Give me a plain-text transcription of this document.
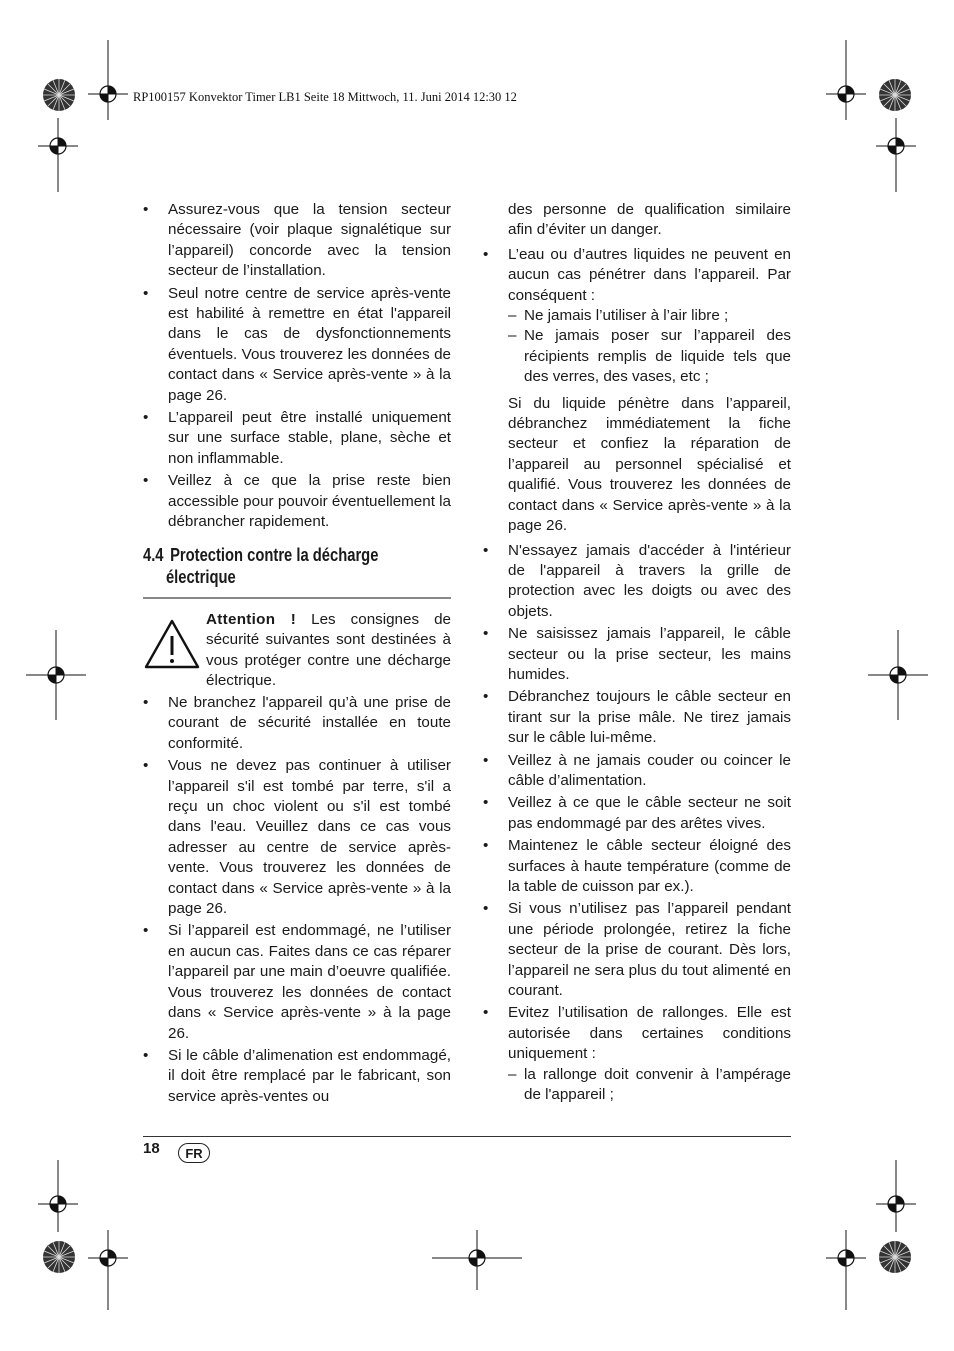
RP100157 Konvektor Timer LB1 Seite 18 Mittwoch, 11. Juni 2014 12:30 12
• Assurez-vous que la tension secteur nécessaire (voir plaque signalétique sur l’appareil) concorde avec la tension secteur de l’installation.
• Seul notre centre de service après-vente est habilité à remettre en état l'appareil dans le cas de dysfonctionnements éventuels. Vous trouverez les données de contact dans « Service après-vente » à la page 26.
• L’appareil peut être installé uniquement sur une surface stable, plane, sèche et non inflammable.
• Veillez à ce que la prise reste bien accessible pour pouvoir éventuellement la débrancher rapidement.
4.4 Protection contre la décharge
électrique
Attention ! Les consignes de sécurité suivantes sont destinées à vous protéger contre une décharge électrique.
• Ne branchez l'appareil qu’à une prise de courant de sécurité installée en toute conformité.
• Vous ne devez pas continuer à utiliser l’appareil s'il est tombé par terre, s'il a reçu un choc violent ou s'il est tombé dans l'eau. Veuillez dans ce cas vous adresser au centre de service après-vente. Vous trouverez les données de contact dans « Service après-vente » à la page 26.
• Si l’appareil est endommagé, ne l’utiliser en aucun cas. Faites dans ce cas réparer l’appareil par une main d’oeuvre qualifiée. Vous trouverez les données de contact dans « Service après-vente » à la page 26.
• Si le câble d’alimenation est endommagé, il doit être remplacé par le fabricant, son service après-ventes ou

des personne de qualification similaire afin d’éviter un danger.

• L’eau ou d’autres liquides ne peuvent en aucun cas pénétrer dans l’appareil. Par conséquent :
– Ne jamais l’utiliser à l’air libre ;
– Ne jamais poser sur l’appareil des récipients remplis de liquide tels que des verres, des vases, etc ;

Si du liquide pénètre dans l’appareil, débranchez immédiatement la fiche secteur et confiez la réparation de l’appareil au personnel spécialisé et qualifié. Vous trouverez les données de contact dans « Service après-vente » à la page 26.

• N'essayez jamais d'accéder à l'intérieur de l'appareil à travers la grille de protection avec les doigts ou avec des objets.
• Ne saisissez jamais l’appareil, le câble secteur ou la prise secteur, les mains humides.
• Débranchez toujours le câble secteur en tirant sur la prise mâle. Ne tirez jamais sur le câble lui-même.
• Veillez à ne jamais couder ou coincer le câble d’alimentation.
• Veillez à ce que le câble secteur ne soit pas endommagé par des arêtes vives.
• Maintenez le câble secteur éloigné des surfaces à haute température (comme de la table de cuisson par ex.).
• Si vous n’utilisez pas l’appareil pendant une période prolongée, retirez la fiche secteur de la prise de courant. Dès lors, l’appareil ne sera plus du tout alimenté en courant.
• Evitez l’utilisation de rallonges. Elle est autorisée dans certaines conditions uniquement :
– la rallonge doit convenir à l’ampérage de l'appareil ;
18	FR
